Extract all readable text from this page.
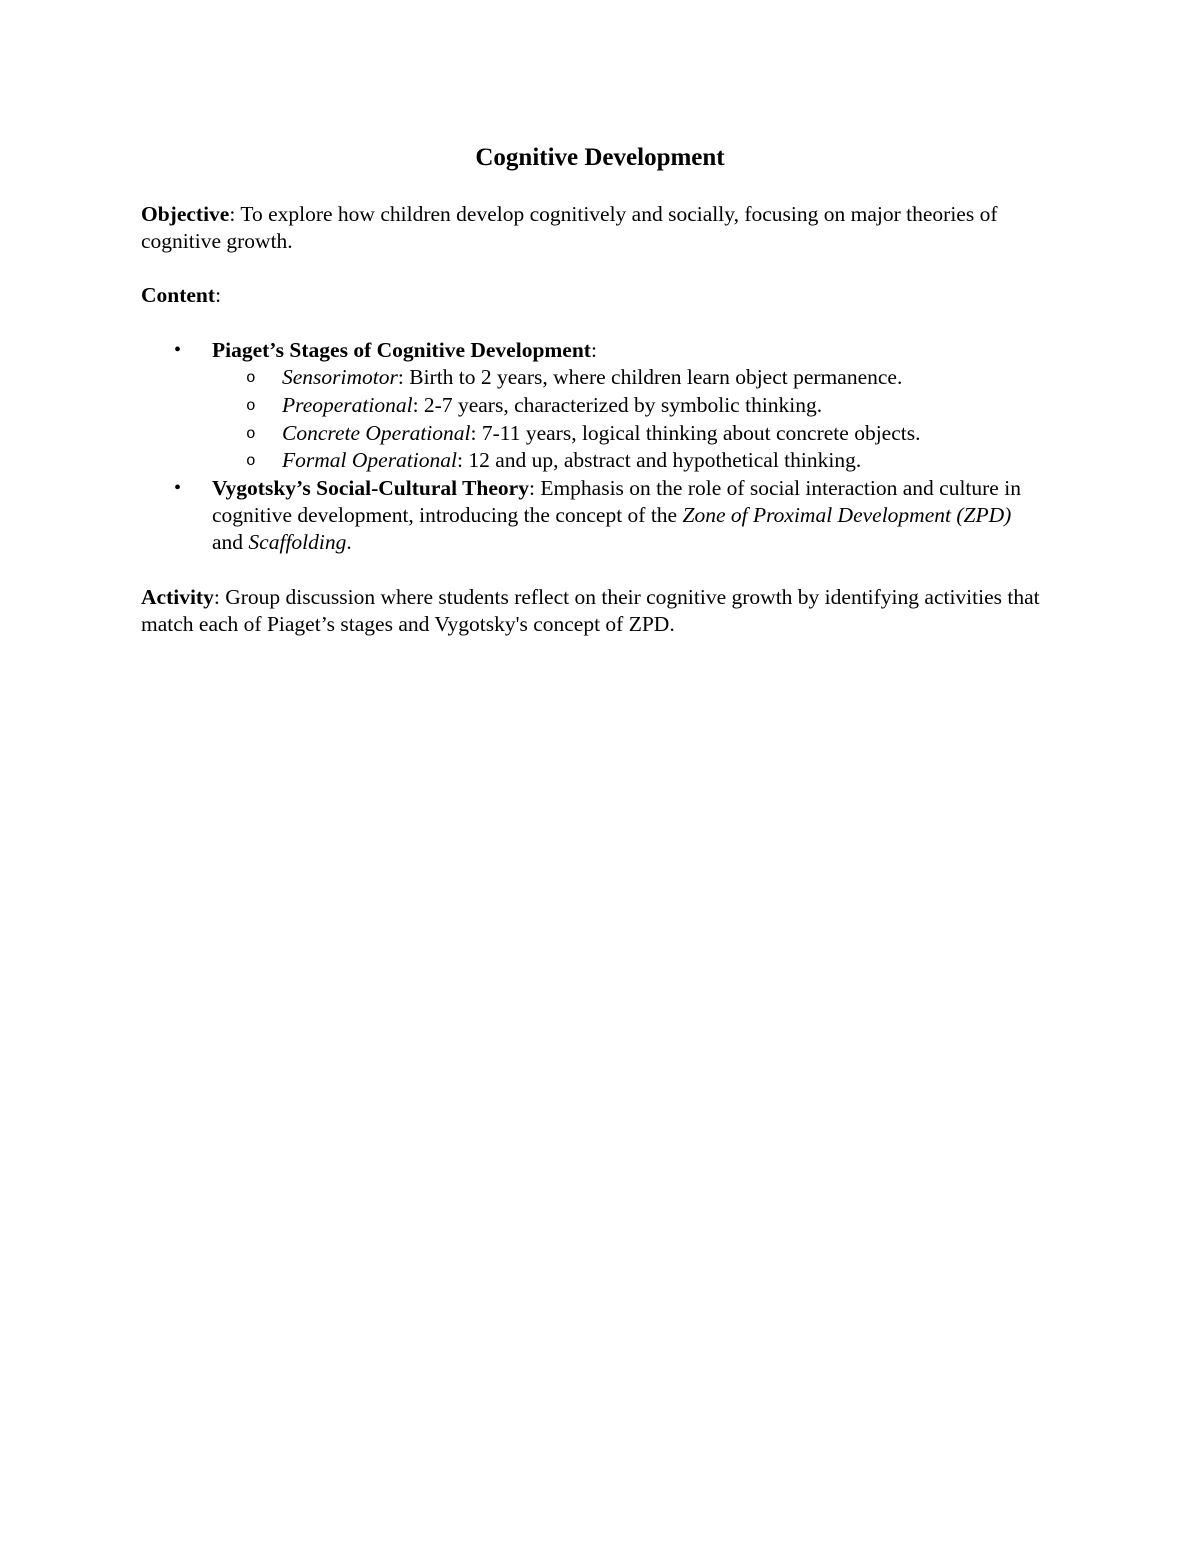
Cognitive Development
Objective: To explore how children develop cognitively and socially, focusing on major theories of cognitive growth.
Content:
• Piaget’s Stages of Cognitive Development:
o Sensorimotor: Birth to 2 years, where children learn object permanence.
o Preoperational: 2-7 years, characterized by symbolic thinking.
o Concrete Operational: 7-11 years, logical thinking about concrete objects.
o Formal Operational: 12 and up, abstract and hypothetical thinking.
• Vygotsky’s Social-Cultural Theory: Emphasis on the role of social interaction and culture in cognitive development, introducing the concept of the Zone of Proximal Development (ZPD) and Scaffolding.
Activity: Group discussion where students reflect on their cognitive growth by identifying activities that match each of Piaget’s stages and Vygotsky's concept of ZPD.
